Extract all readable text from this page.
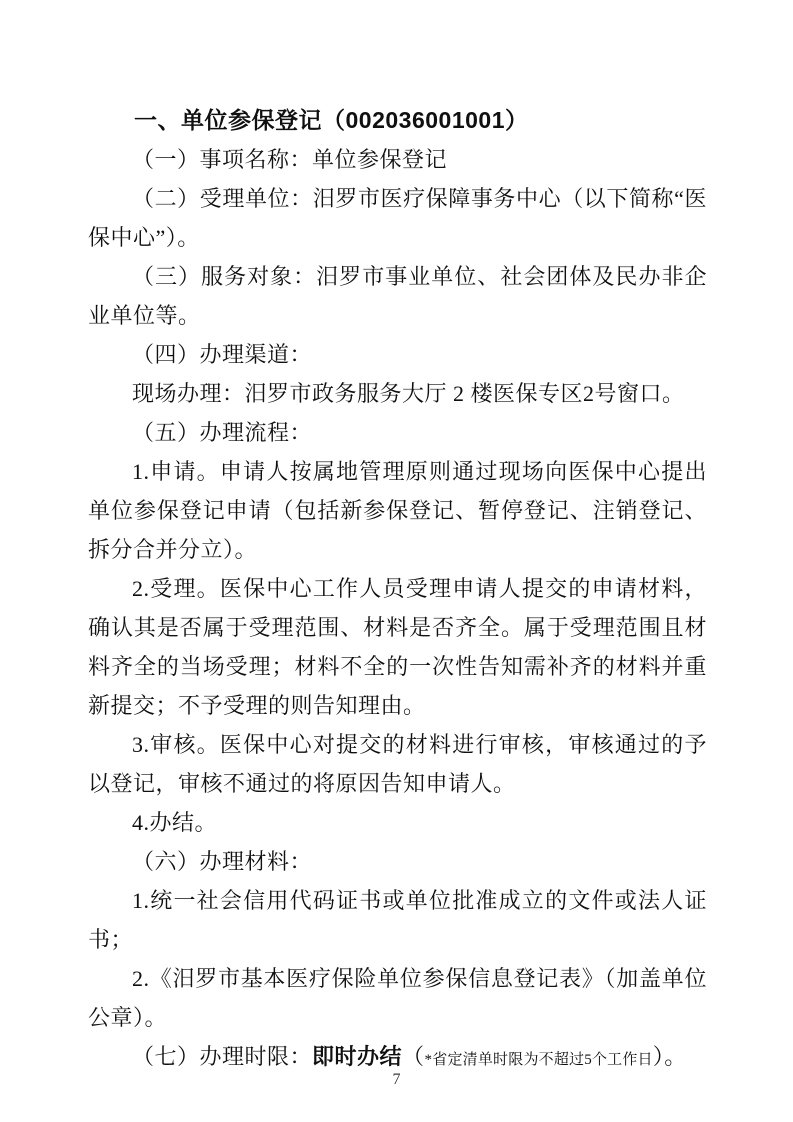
一、单位参保登记（002036001001）

（一）事项名称：单位参保登记

（二）受理单位：汨罗市医疗保障事务中心（以下简称“医保中心”）。

（三）服务对象：汨罗市事业单位、社会团体及民办非企业单位等。

（四）办理渠道：

现场办理：汨罗市政务服务大厅 2 楼医保专区2号窗口。

（五）办理流程：

1.申请。申请人按属地管理原则通过现场向医保中心提出单位参保登记申请（包括新参保登记、暂停登记、注销登记、拆分合并分立）。

2.受理。医保中心工作人员受理申请人提交的申请材料，确认其是否属于受理范围、材料是否齐全。属于受理范围且材料齐全的当场受理；材料不全的一次性告知需补齐的材料并重新提交；不予受理的则告知理由。

3.审核。医保中心对提交的材料进行审核，审核通过的予以登记，审核不通过的将原因告知申请人。

4.办结。

（六）办理材料：

1.统一社会信用代码证书或单位批准成立的文件或法人证书；

2.《汨罗市基本医疗保险单位参保信息登记表》（加盖单位公章）。

（七）办理时限：即时办结（*省定清单时限为不超过5个工作日）。

7
